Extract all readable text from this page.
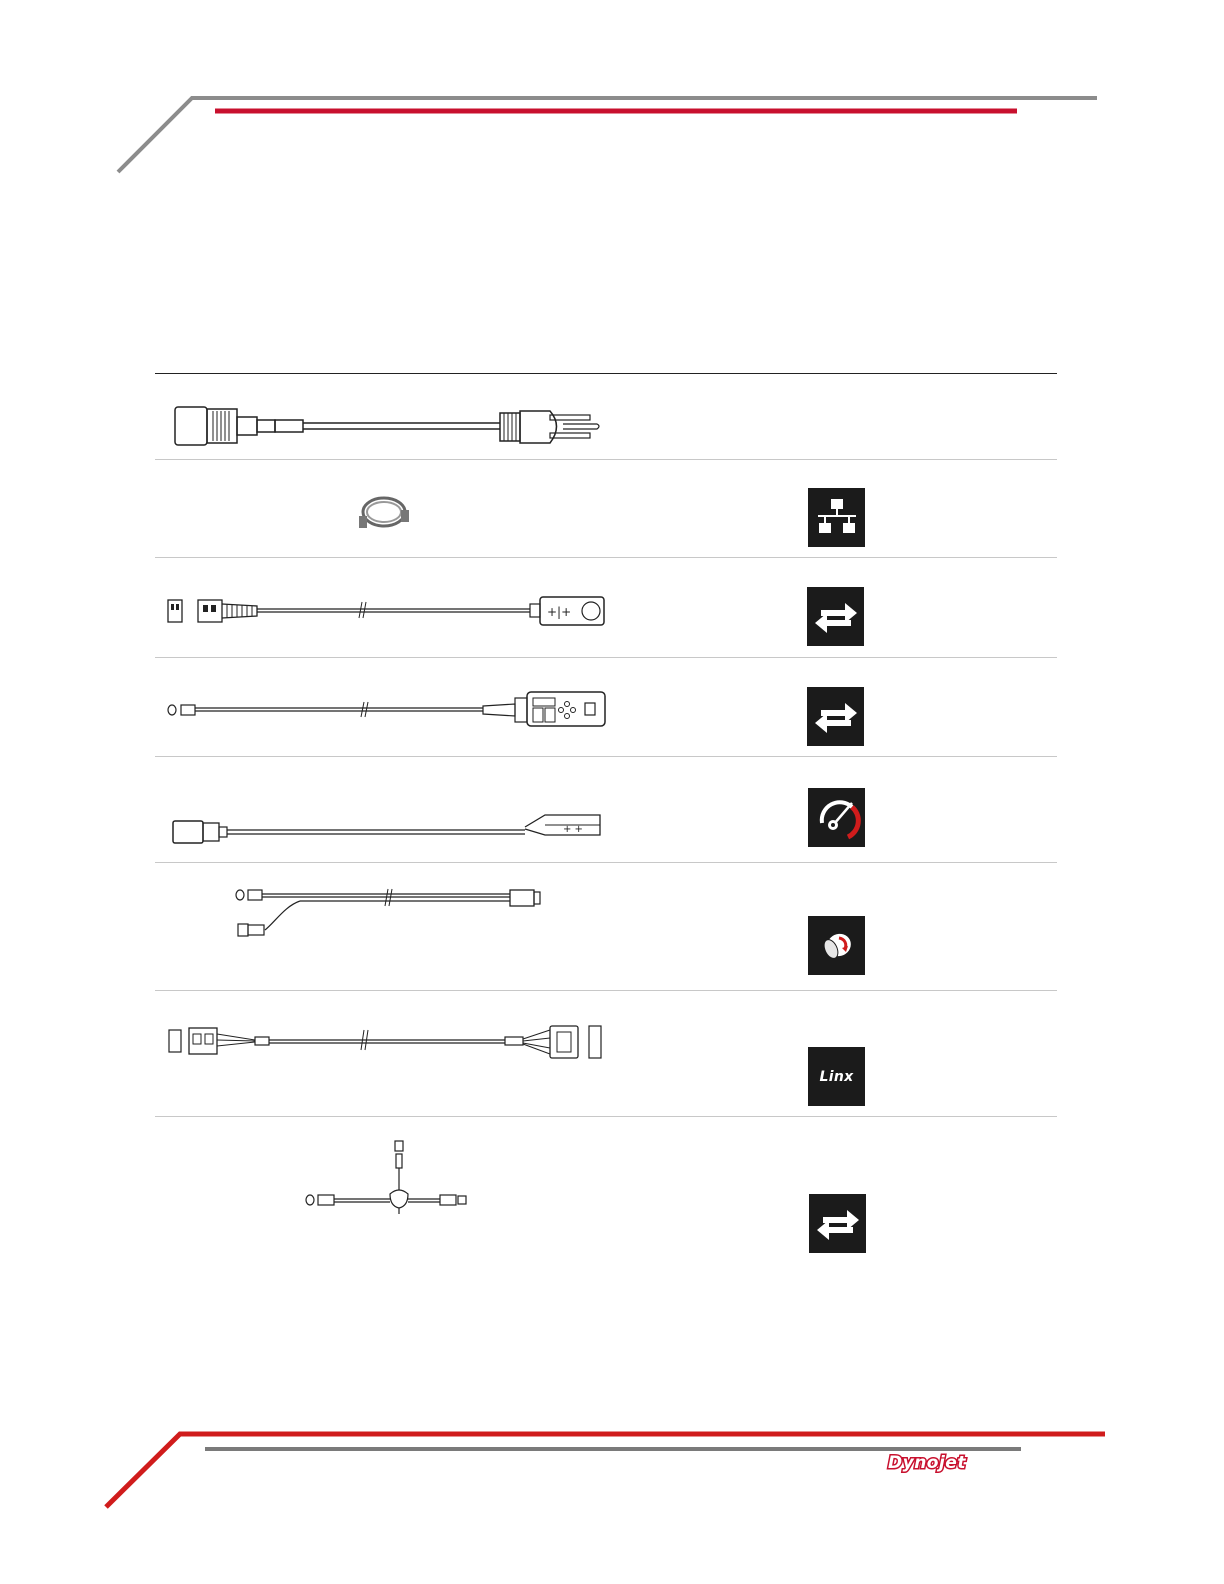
+|+
+ +
Linx
Dynojet
